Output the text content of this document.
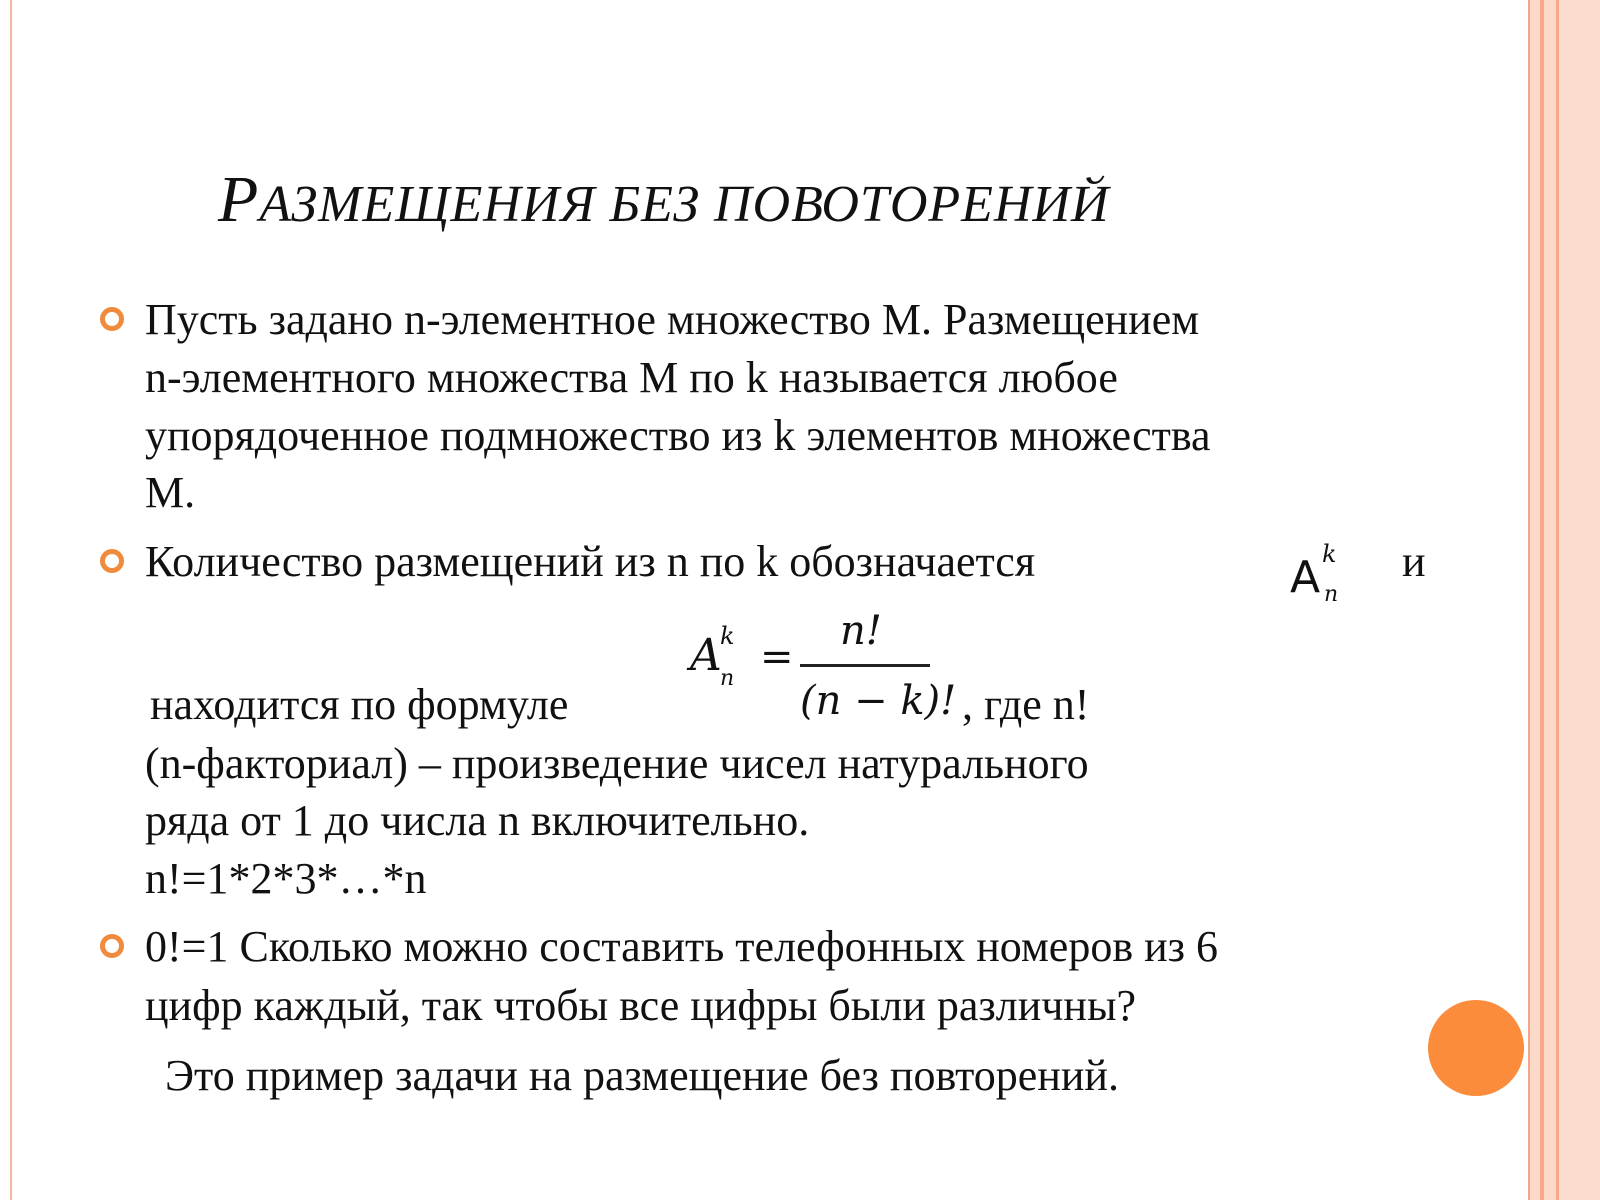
РАЗМЕЩЕНИЯ БЕЗ ПОВОТОРЕНИЙ
Пусть задано n-элементное множество М. Размещением
n-элементного множества М по k называется любое
упорядоченное подмножество из k элементов множества
М.
Количество размещений из n по k обозначается	A k
n
и
находится по формуле
A
k
n =
n!
(n − k)! , где n!
(n-факториал) – произведение чисел натурального
ряда от 1 до числа n включительно.
n!=1*2*3*…*n
0!=1 Сколько можно составить телефонных номеров из 6
цифр каждый, так чтобы все цифры были различны?
Это пример задачи на размещение без повторений.
